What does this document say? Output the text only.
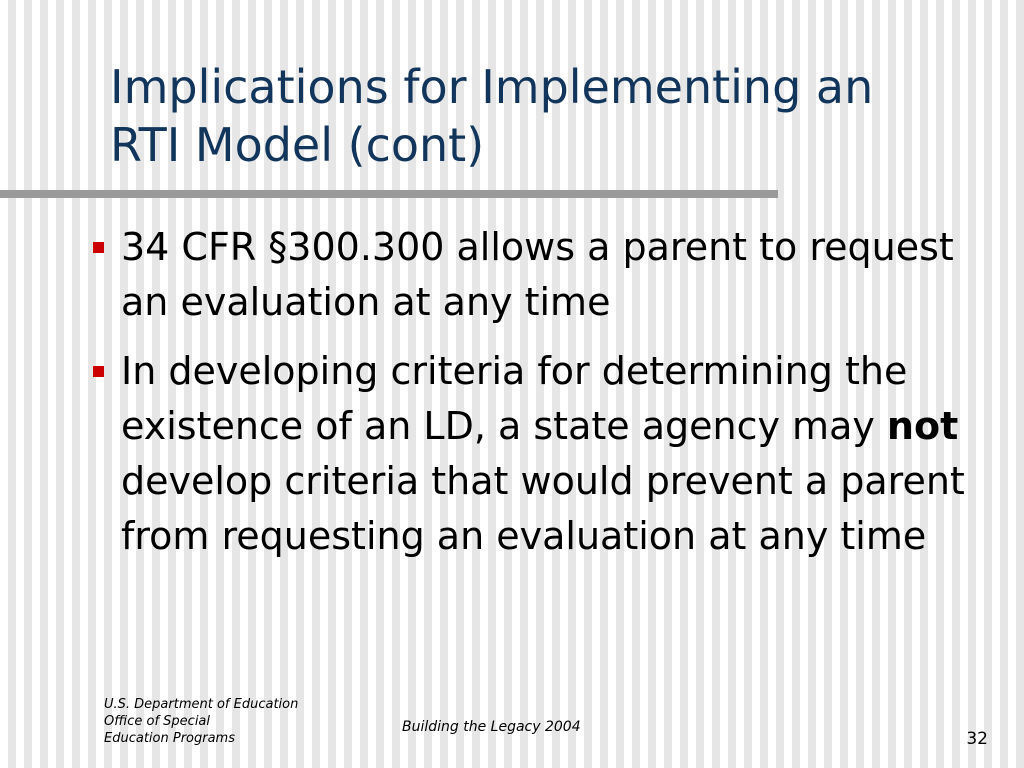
Implications for Implementing an
RTI Model (cont)
34 CFR §300.300 allows a parent to request an evaluation at any time
In developing criteria for determining the existence of an LD, a state agency may not develop criteria that would prevent a parent from requesting an evaluation at any time
U.S. Department of Education
Office of Special
Education Programs
Building the Legacy 2004
32
